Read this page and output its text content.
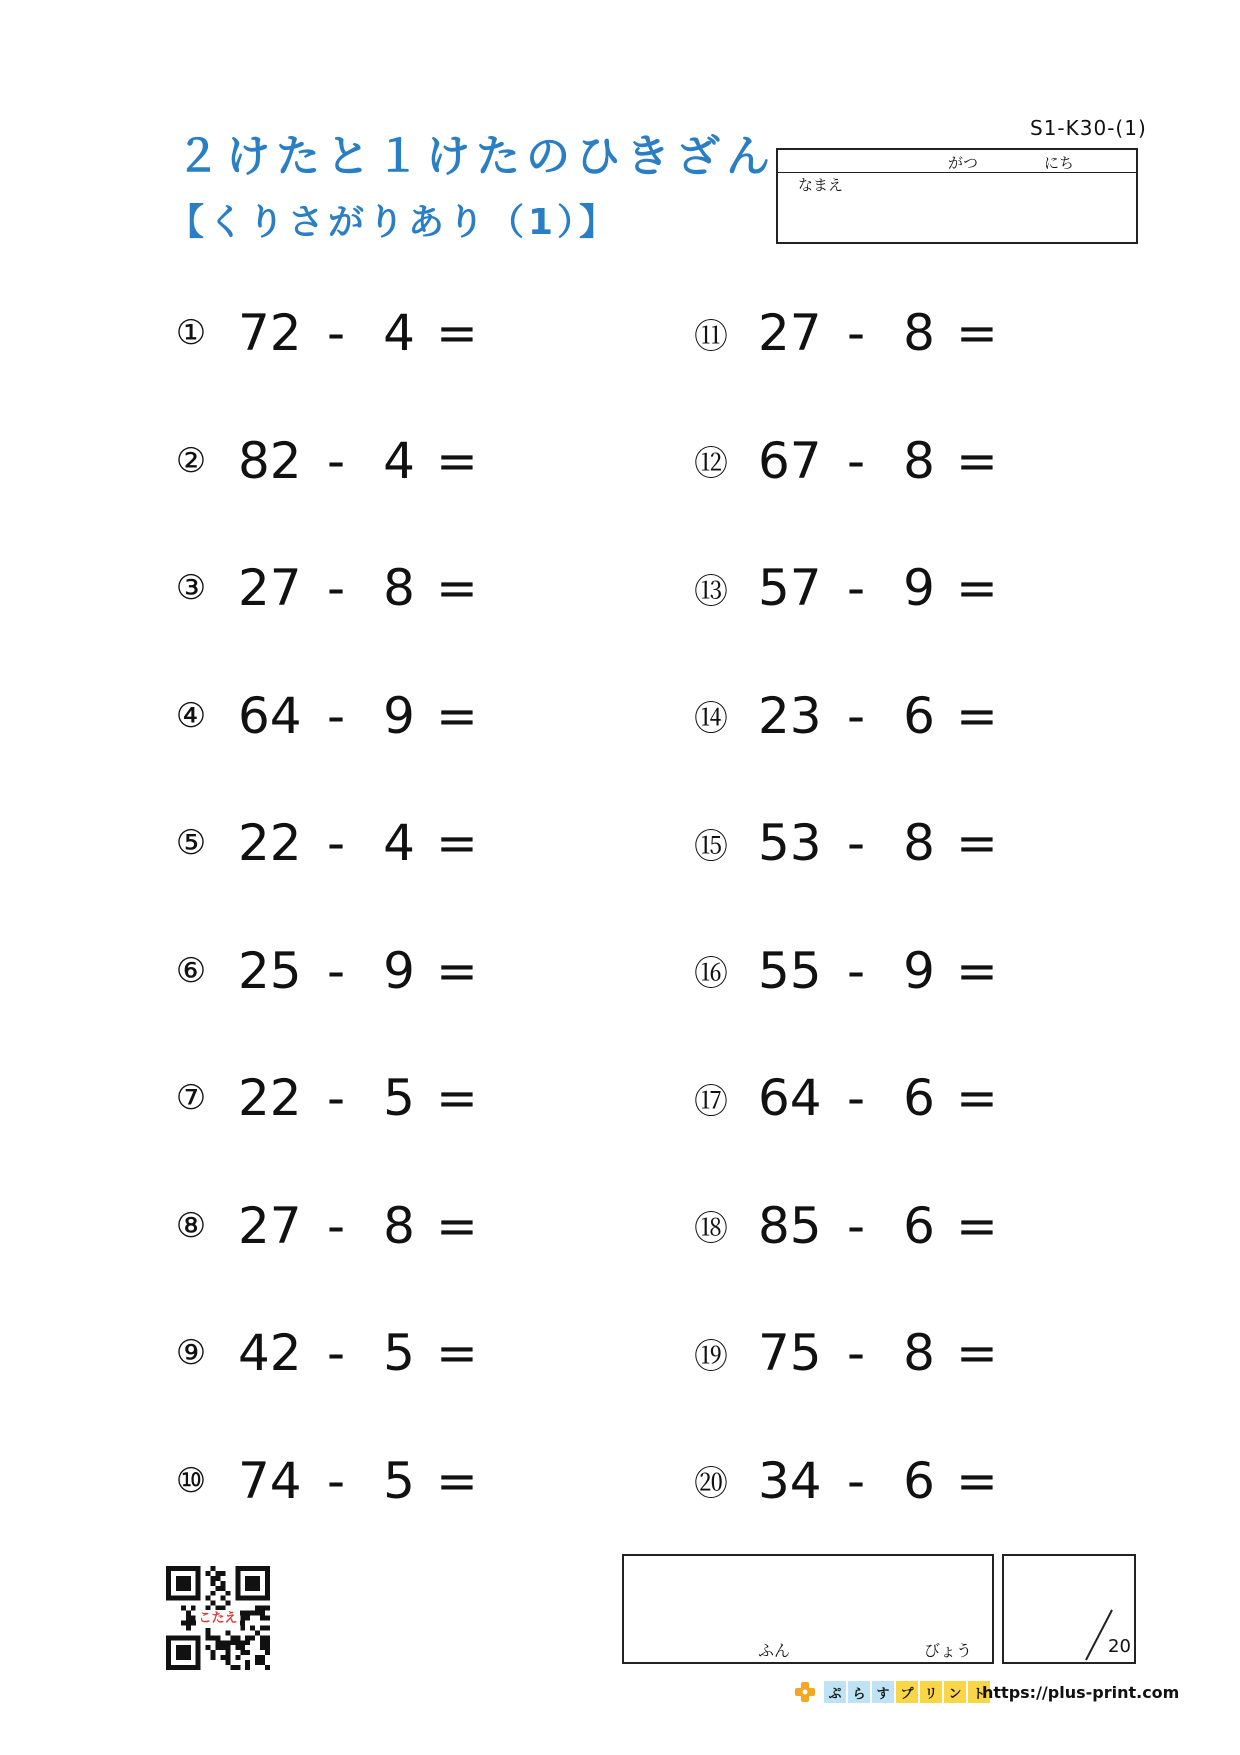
２けたと１けたのひきざん
【くりさがりあり（1）】
S1-K30-(1)
がつ	にち
なまえ
① 72 - 4 =
② 82 - 4 =
③ 27 - 8 =
④ 64 - 9 =
⑤ 22 - 4 =
⑥ 25 - 9 =
⑦ 22 - 5 =
⑧ 27 - 8 =
⑨ 42 - 5 =
⑩ 74 - 5 =
⑪ 27 - 8 =
⑫ 67 - 8 =
⑬ 57 - 9 =
⑭ 23 - 6 =
⑮ 53 - 8 =
⑯ 55 - 9 =
⑰ 64 - 6 =
⑱ 85 - 6 =
⑲ 75 - 8 =
⑳ 34 - 6 =
こたえ
ふん	びょう	20
ぷ ら す プ リ ン ト
https://plus-print.com
